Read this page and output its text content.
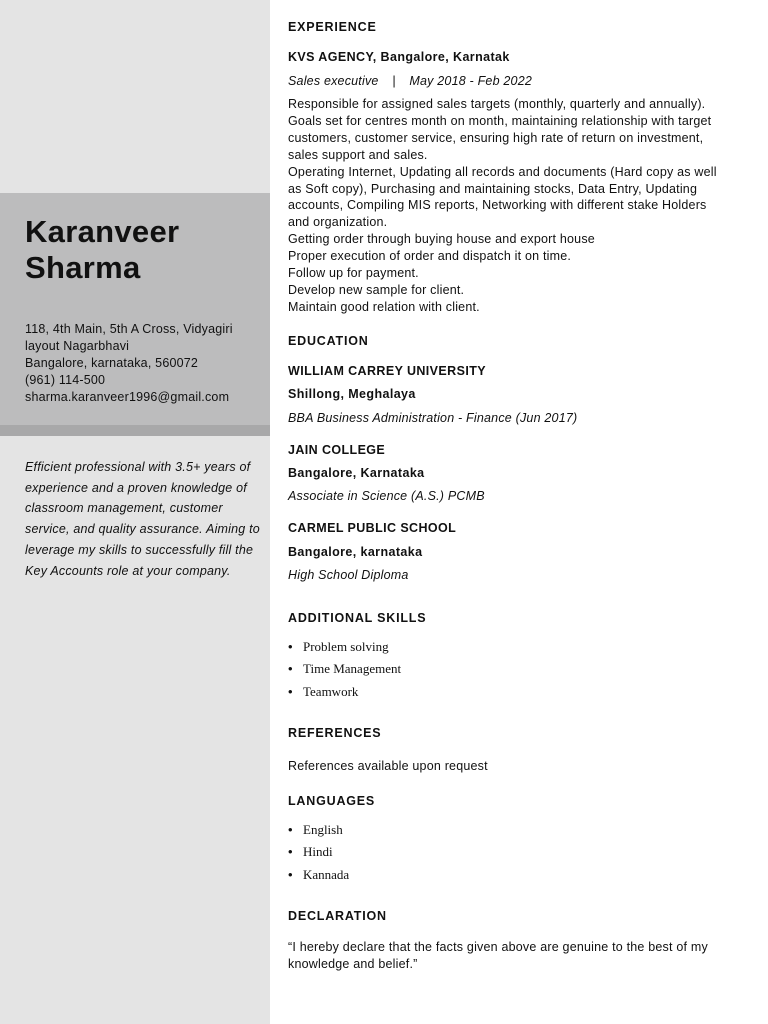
Karanveer
Sharma
118, 4th Main, 5th A Cross, Vidyagiri
layout Nagarbhavi
Bangalore, karnataka, 560072
(961) 114-500
sharma.karanveer1996@gmail.com
Efficient professional with 3.5+ years of experience and a proven knowledge of classroom management, customer service, and quality assurance. Aiming to leverage my skills to successfully fill the Key Accounts role at your company.
EXPERIENCE
KVS AGENCY, Bangalore, Karnatak
Sales executive | May 2018 - Feb 2022
Responsible for assigned sales targets (monthly, quarterly and annually).
Goals set for centres month on month, maintaining relationship with target
customers, customer service, ensuring high rate of return on investment,
sales support and sales.
Operating Internet, Updating all records and documents (Hard copy as well
as Soft copy), Purchasing and maintaining stocks, Data Entry, Updating
accounts, Compiling MIS reports, Networking with different stake Holders
and organization.
Getting order through buying house and export house
Proper execution of order and dispatch it on time.
Follow up for payment.
Develop new sample for client.
Maintain good relation with client.
EDUCATION
WILLIAM CARREY UNIVERSITY
Shillong, Meghalaya
BBA Business Administration - Finance (Jun 2017)
JAIN COLLEGE
Bangalore, Karnataka
Associate in Science (A.S.) PCMB
CARMEL PUBLIC SCHOOL
Bangalore, karnataka
High School Diploma
ADDITIONAL SKILLS
• Problem solving
• Time Management
• Teamwork
REFERENCES
References available upon request
LANGUAGES
• English
• Hindi
• Kannada
DECLARATION
“I hereby declare that the facts given above are genuine to the best of my
knowledge and belief.”
